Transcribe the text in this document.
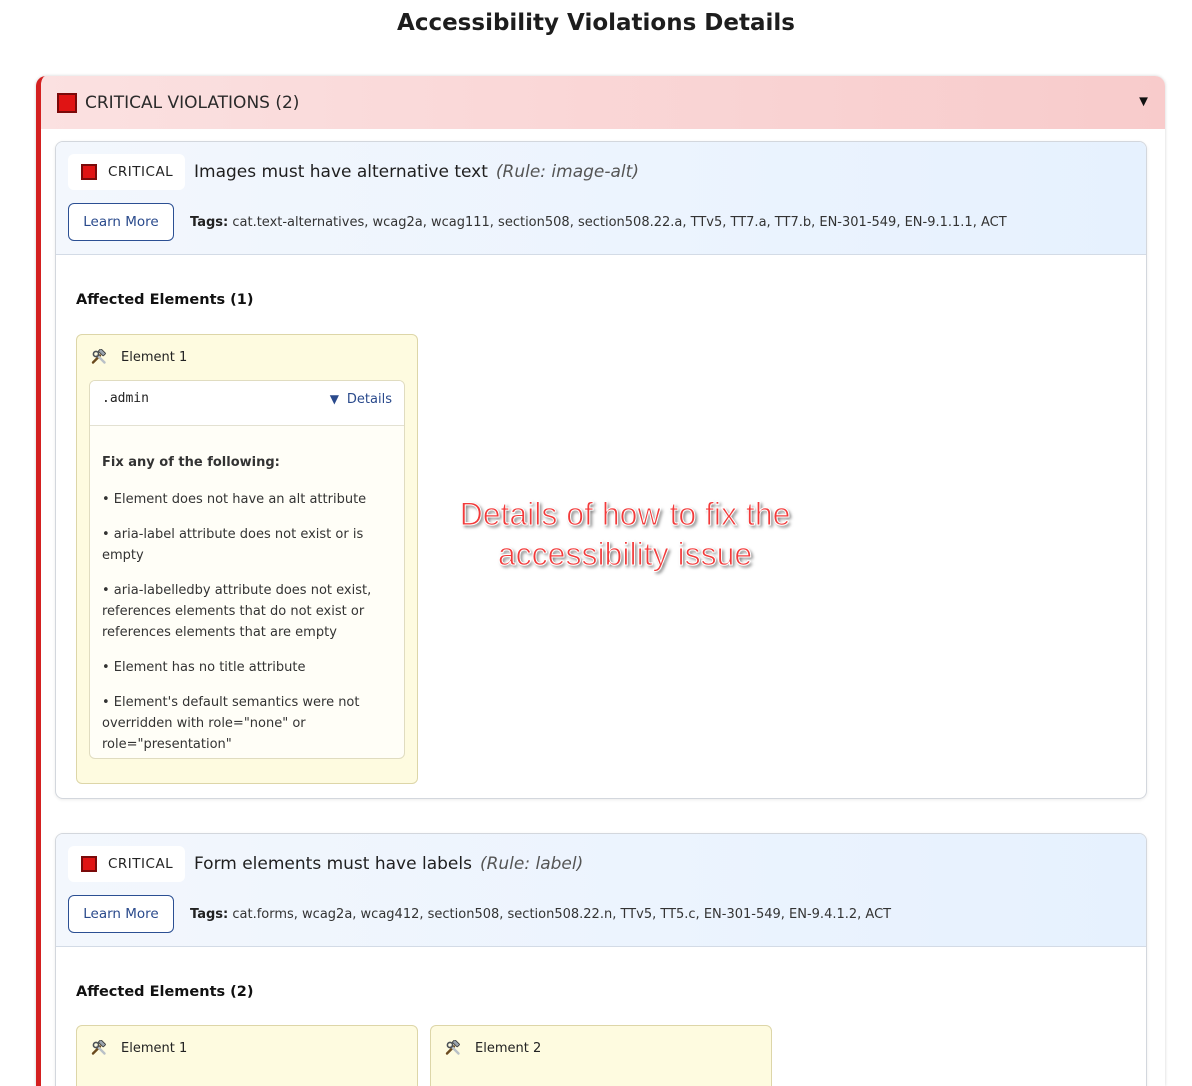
Accessibility Violations Details
CRITICAL VIOLATIONS (2)	▼
CRITICAL Images must have alternative text (Rule: image-alt)
Learn More	Tags: cat.text-alternatives, wcag2a, wcag111, section508, section508.22.a, TTv5, TT7.a, TT7.b, EN-301-549, EN-9.1.1.1, ACT
Affected Elements (1)
Element 1
.admin	▼ Details
Fix any of the following:
• Element does not have an alt attribute
• aria-label attribute does not exist or is empty
• aria-labelledby attribute does not exist, references elements that do not exist or references elements that are empty
• Element has no title attribute
• Element's default semantics were not overridden with role="none" or role="presentation"
CRITICAL Form elements must have labels (Rule: label)
Learn More	Tags: cat.forms, wcag2a, wcag412, section508, section508.22.n, TTv5, TT5.c, EN-301-549, EN-9.4.1.2, ACT
Affected Elements (2)
Element 1	Element 2
Details of how to fix the
accessibility issue
